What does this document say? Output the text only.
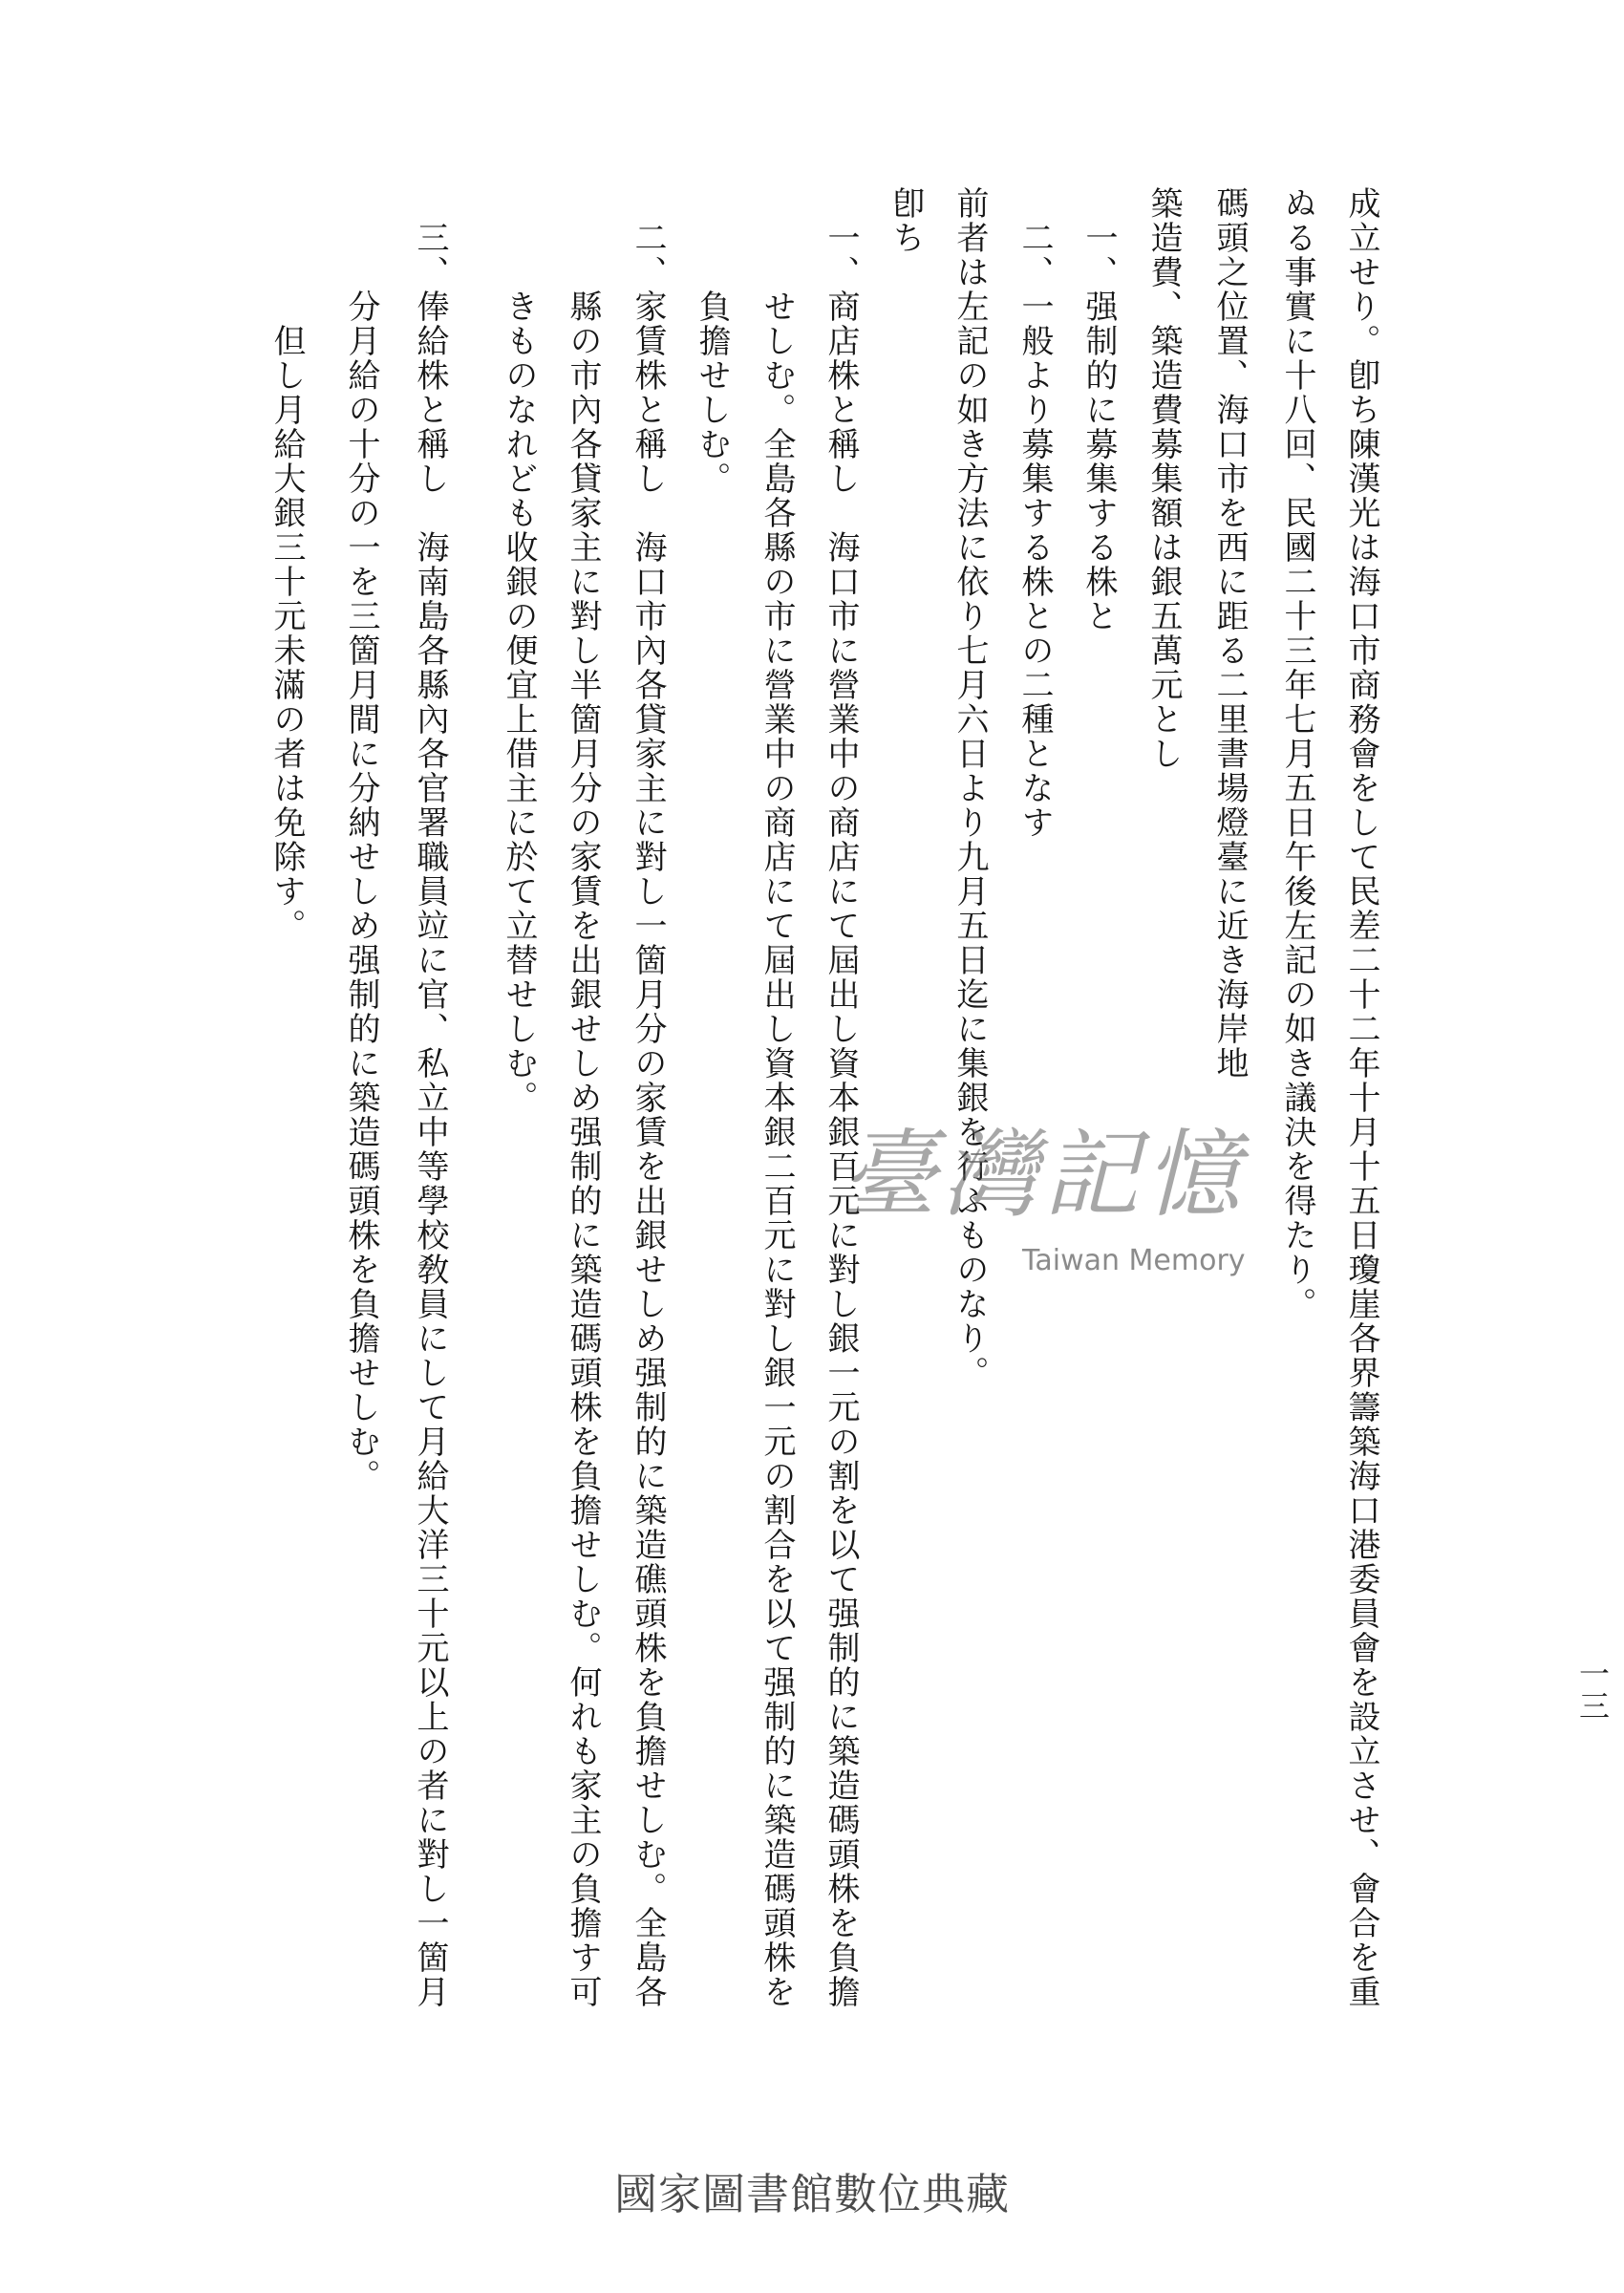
成立せり。卽ち陳漢光は海口市商務會をして民差二十二年十月十五日瓊崖各界籌築海口港委員會を設立させ、會合を重
ぬる事實に十八回、民國二十三年七月五日午後左記の如き議決を得たり。
碼頭之位置、海口市を西に距る二里書場燈臺に近き海岸地
築造費、築造費募集額は銀五萬元とし
一、强制的に募集する株と
二、一般より募集する株との二種となす
前者は左記の如き方法に依り七月六日より九月五日迄に集銀を行ふものなり。
卽ち
一、商店株と稱し　海口市に營業中の商店にて屆出し資本銀百元に對し銀一元の割を以て强制的に築造碼頭株を負擔
せしむ。全島各縣の市に營業中の商店にて屆出し資本銀二百元に對し銀一元の割合を以て强制的に築造碼頭株を
負擔せしむ。
二、家賃株と稱し　海口市內各貸家主に對し一箇月分の家賃を出銀せしめ强制的に築造礁頭株を負擔せしむ。全島各
縣の市內各貸家主に對し半箇月分の家賃を出銀せしめ强制的に築造碼頭株を負擔せしむ。何れも家主の負擔す可
きものなれども收銀の便宜上借主に於て立替せしむ。
三、俸給株と稱し　海南島各縣內各官署職員竝に官、私立中等學校敎員にして月給大洋三十元以上の者に對し一箇月
分月給の十分の一を三箇月間に分納せしめ强制的に築造碼頭株を負擔せしむ。
但し月給大銀三十元未滿の者は免除す。
一三
臺灣記憶
Taiwan Memory
國家圖書館數位典藏
